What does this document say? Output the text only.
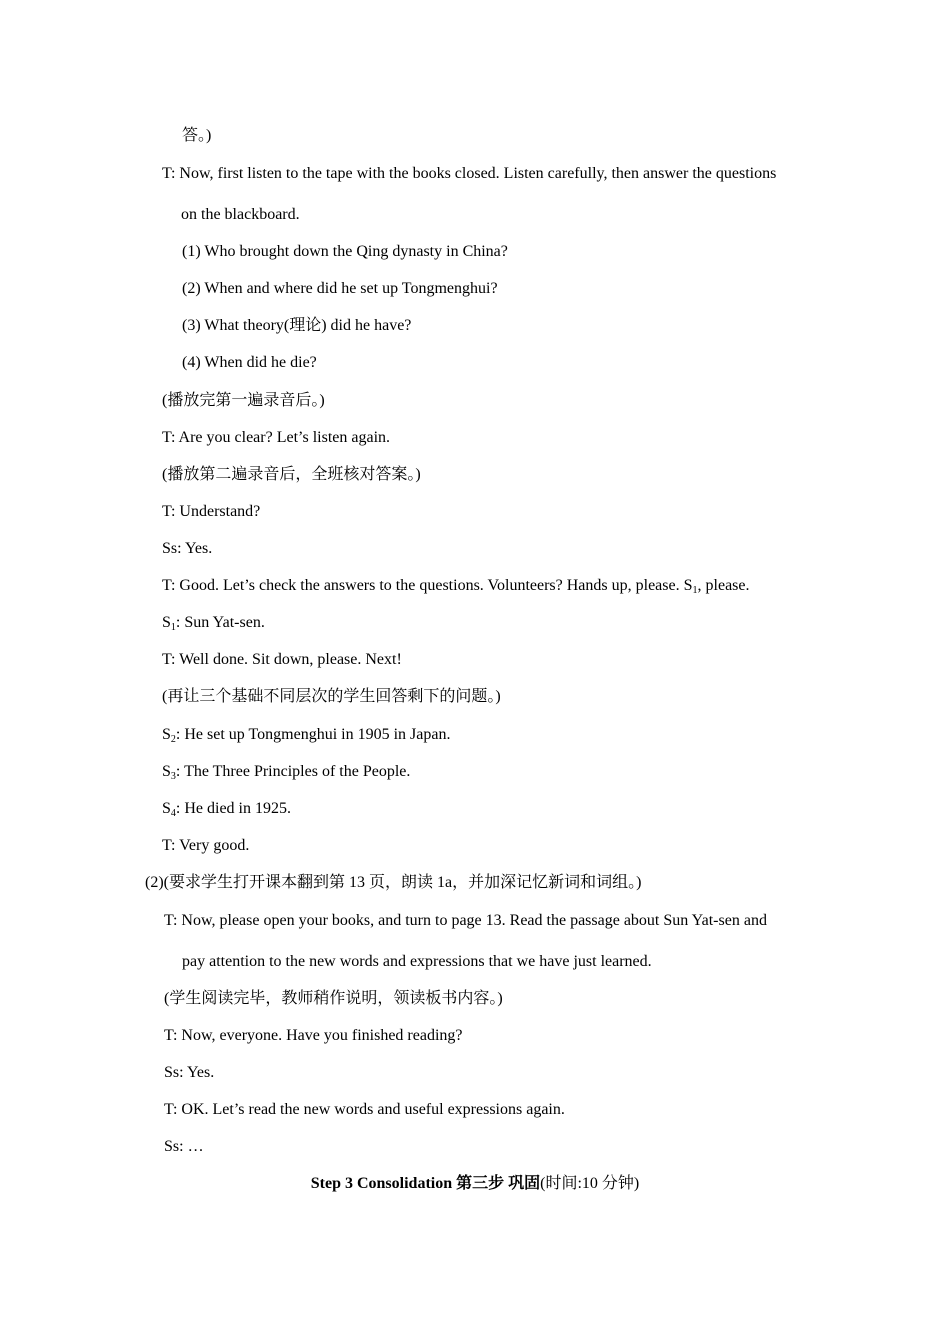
答。)
T: Now, first listen to the tape with the books closed. Listen carefully, then answer the questions
on the blackboard.
(1) Who brought down the Qing dynasty in China?
(2) When and where did he set up Tongmenghui?
(3) What theory(理论) did he have?
(4) When did he die?
(播放完第一遍录音后。)
T: Are you clear? Let’s listen again.
(播放第二遍录音后，全班核对答案。)
T: Understand?
Ss: Yes.
T: Good. Let’s check the answers to the questions. Volunteers? Hands up, please. $S_1$, please.
$S_1$: Sun Yat-sen.
T: Well done. Sit down, please. Next!
(再让三个基础不同层次的学生回答剩下的问题。)
$S_2$: He set up Tongmenghui in 1905 in Japan.
$S_3$: The Three Principles of the People.
$S_4$: He died in 1925.
T: Very good.
(2)(要求学生打开课本翻到第 13 页，朗读 1a，并加深记忆新词和词组。)
T: Now, please open your books, and turn to page 13. Read the passage about Sun Yat-sen and
pay attention to the new words and expressions that we have just learned.
(学生阅读完毕，教师稍作说明，领读板书内容。)
T: Now, everyone. Have you finished reading?
Ss: Yes.
T: OK. Let’s read the new words and useful expressions again.
Ss: …
Step 3 Consolidation 第三步 巩固(时间:10 分钟)
